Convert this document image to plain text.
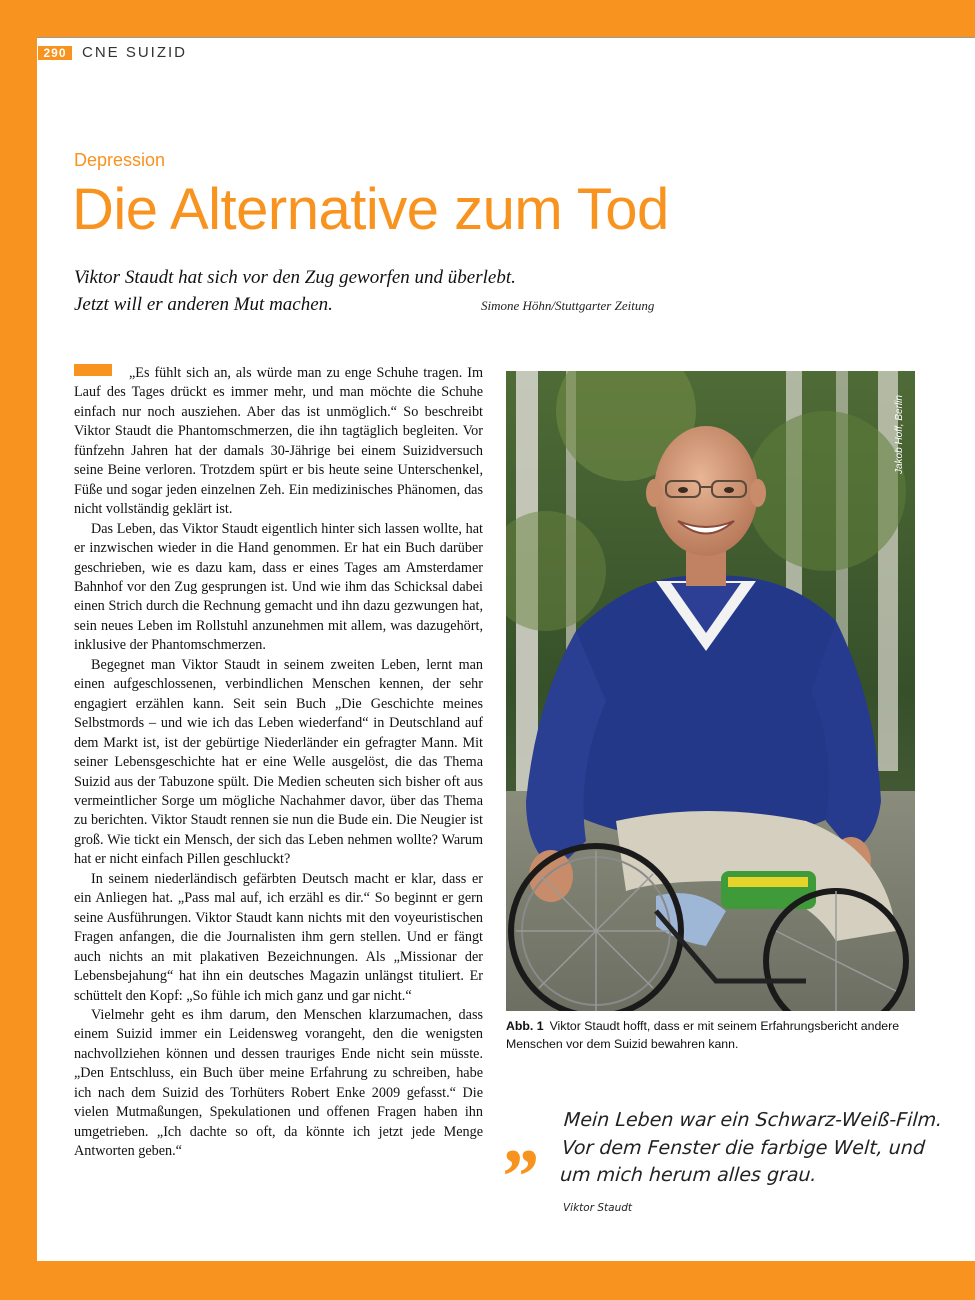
290	CNE SUIZID
Depression
Die Alternative zum Tod
Viktor Staudt hat sich vor den Zug geworfen und überlebt.
Jetzt will er anderen Mut machen.	Simone Höhn/Stuttgarter Zeitung

„Es fühlt sich an, als würde man zu enge Schuhe tragen. Im Lauf des Tages drückt es immer mehr, und man möchte die Schuhe einfach nur noch ausziehen. Aber das ist unmöglich.“ So beschreibt Viktor Staudt die Phantomschmerzen, die ihn tagtäglich begleiten. Vor fünfzehn Jahren hat der damals 30-Jährige bei einem Suizidversuch seine Beine verloren. Trotzdem spürt er bis heute seine Unterschenkel, Füße und sogar jeden einzelnen Zeh. Ein medizinisches Phänomen, das nicht vollständig geklärt ist.

Das Leben, das Viktor Staudt eigentlich hinter sich lassen wollte, hat er inzwischen wieder in die Hand genommen. Er hat ein Buch darüber geschrieben, wie es dazu kam, dass er eines Tages am Amsterdamer Bahnhof vor den Zug gesprungen ist. Und wie ihm das Schicksal dabei einen Strich durch die Rechnung gemacht und ihn dazu gezwungen hat, sein neues Leben im Rollstuhl anzunehmen mit allem, was dazugehört, inklusive der Phantomschmerzen.

Begegnet man Viktor Staudt in seinem zweiten Leben, lernt man einen aufgeschlossenen, verbindlichen Menschen kennen, der sehr engagiert erzählen kann. Seit sein Buch „Die Geschichte meines Selbstmords – und wie ich das Leben wiederfand“ in Deutschland auf dem Markt ist, ist der gebürtige Niederländer ein gefragter Mann. Mit seiner Lebensgeschichte hat er eine Welle ausgelöst, die das Thema Suizid aus der Tabuzone spült. Die Medien scheuten sich bisher oft aus vermeintlicher Sorge um mögliche Nachahmer davor, über das Thema zu berichten. Viktor Staudt rennen sie nun die Bude ein. Die Neugier ist groß. Wie tickt ein Mensch, der sich das Leben nehmen wollte? Warum hat er nicht einfach Pillen geschluckt?

In seinem niederländisch gefärbten Deutsch macht er klar, dass er ein Anliegen hat. „Pass mal auf, ich erzähl es dir.“ So beginnt er gern seine Ausführungen. Viktor Staudt kann nichts mit den voyeuristischen Fragen anfangen, die die Journalisten ihm gern stellen. Und er fängt auch nichts an mit plakativen Bezeichnungen. Als „Missionar der Lebensbejahung“ hat ihn ein deutsches Magazin unlängst tituliert. Er schüttelt den Kopf: „So fühle ich mich ganz und gar nicht.“

Vielmehr geht es ihm darum, den Menschen klarzumachen, dass einem Suizid immer ein Leidensweg vorangeht, den die wenigsten nachvollziehen können und dessen trauriges Ende nicht sein müsste. „Den Entschluss, ein Buch über meine Erfahrung zu schreiben, habe ich nach dem Suizid des Torhüters Robert Enke 2009 gefasst.“ Die vielen Mutmaßungen, Spekulationen und offenen Fragen haben ihn umgetrieben. „Ich dachte so oft, da könnte ich jetzt jede Menge Antworten geben.“

Jakob Hoff, Berlin
Abb. 1 Viktor Staudt hofft, dass er mit seinem Erfahrungsbericht andere Menschen vor dem Suizid bewahren kann.
„ Mein Leben war ein Schwarz-Weiß-Film.
Vor dem Fenster die farbige Welt, und
um mich herum alles grau.
Viktor Staudt
